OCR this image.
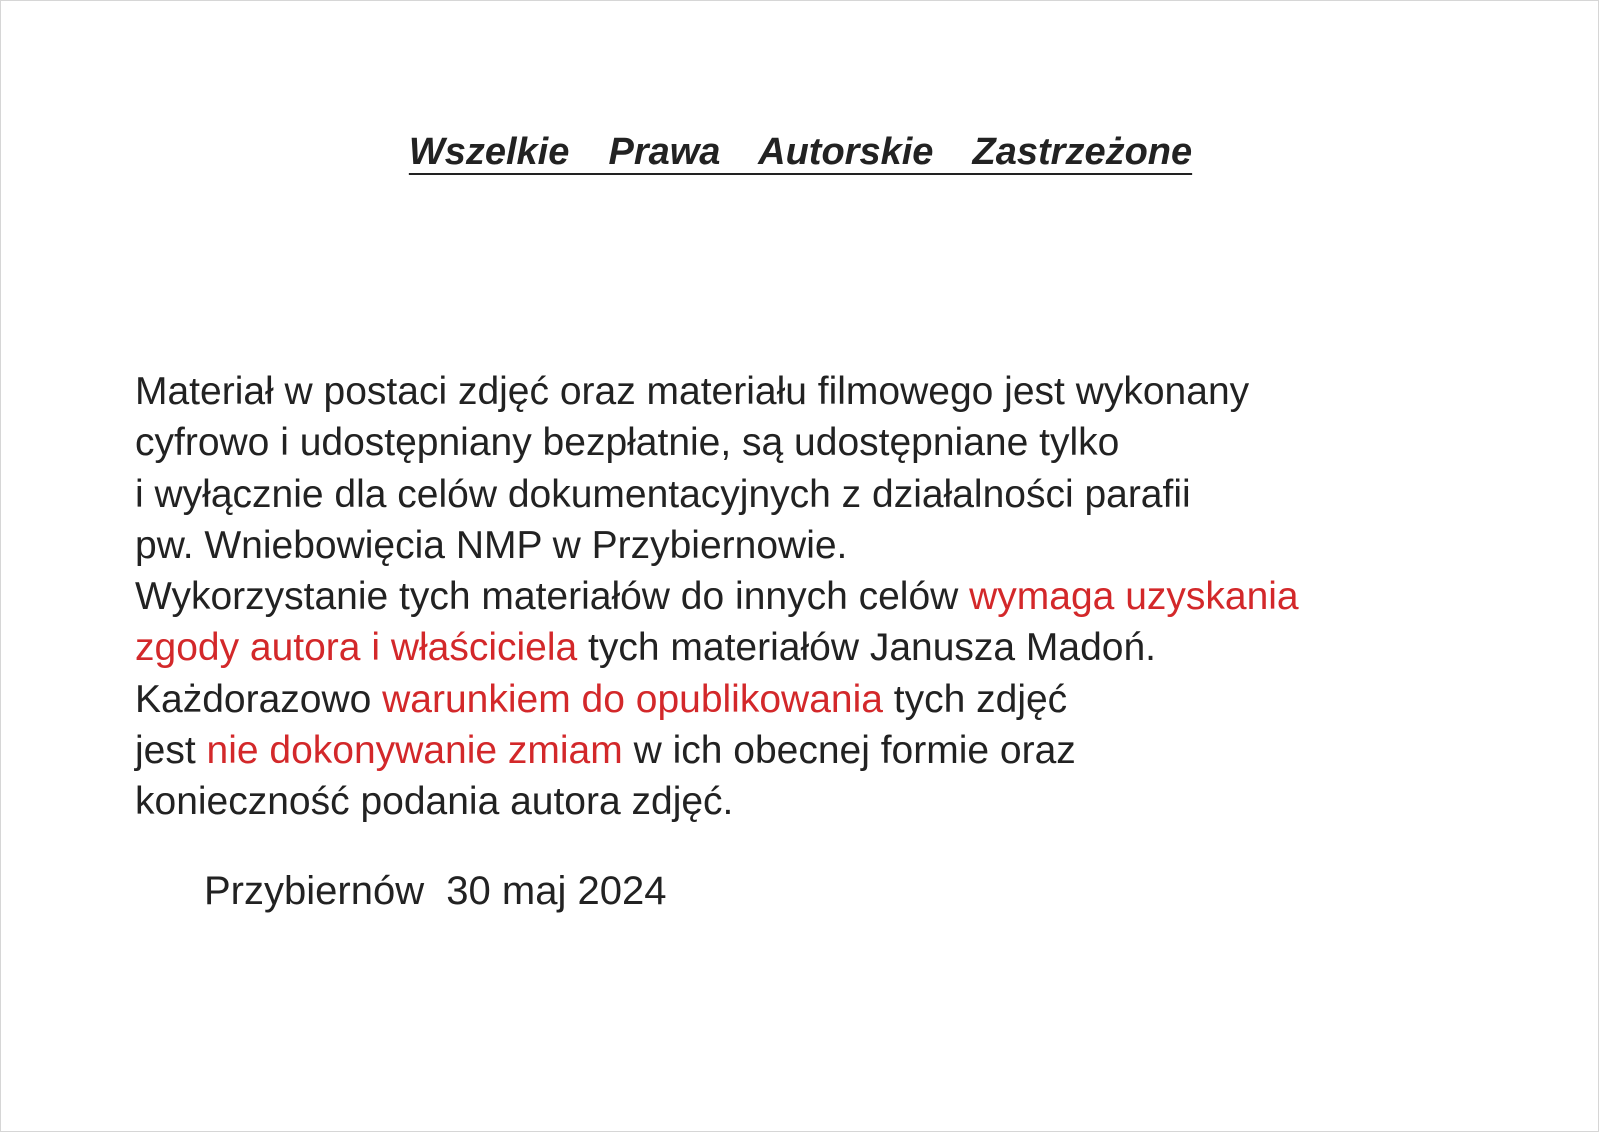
Wszelkie  Prawa  Autorskie  Zastrzeżone
Materiał w postaci zdjęć oraz materiału filmowego jest wykonany
cyfrowo i udostępniany bezpłatnie, są udostępniane tylko
i wyłącznie dla celów dokumentacyjnych z działalności parafii
pw. Wniebowięcia NMP w Przybiernowie.
Wykorzystanie tych materiałów do innych celów wymaga uzyskania
zgody autora i właściciela tych materiałów Janusza Madoń.
Każdorazowo warunkiem do opublikowania tych zdjęć
jest nie dokonywanie zmiam w ich obecnej formie oraz
konieczność podania autora zdjęć.
Przybiernów  30 maj 2024
